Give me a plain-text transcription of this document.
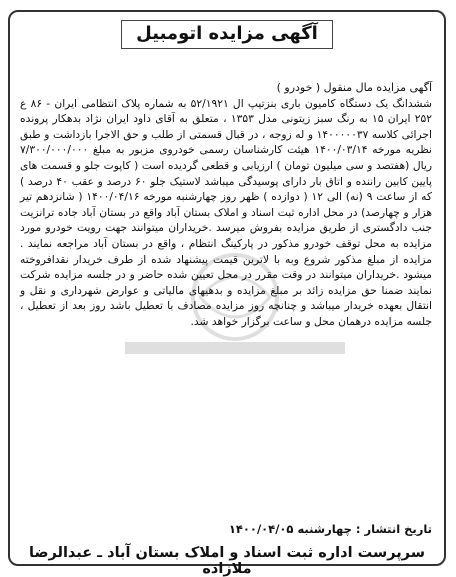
آگهی مزایده اتومبیل

آگهی مزایده مال منقول ( خودرو )

ششدانگ یک دستگاه کامیون باری بنزتیپ ال ۵۲/۱۹۲۱ به شماره پلاک انتظامی ایران - ۸۶ ع ۲۵۲ ایران ۱۵ به رنگ سبز زیتونی مدل ۱۳۵۳ ، متعلق به آقای داود ایران نژاد بدهکار پرونده اجرائی کلاسه ۱۴۰۰۰۰۰۳۷ و له زوجه ، در قبال قسمتی از طلب و حق الاجرا بازداشت و طبق نظریه مورخه ۱۴۰۰/۰۳/۱۴ هیئت کارشناسان رسمی خودروی مزبور به مبلغ ۷/۳۰۰/۰۰۰/۰۰۰ ریال (هفتصد و سی میلیون تومان ) ارزیابی و قطعی گردیده است ( کاپوت جلو و قسمت های پایین کابین راننده و اتاق بار دارای پوسیدگی میباشد لاستیک جلو ۶۰ درصد و عقب ۴۰ درصد ) که از ساعت ۹ (نه) الی ۱۲ ( دوازده ) ظهر روز چهارشنبه مورخه ۱۴۰۰/۰۴/۱۶ ( شانزدهم تیر هزار و چهارصد) در محل اداره ثبت اسناد و املاک بستان آباد واقع در بستان آباد جاده ترانزیت جنب دادگستری از طریق مزایده بفروش میرسد .خریداران میتوانند جهت رویت خودرو مورد مزایده به محل توقف خودرو مذکور در پارکینگ انتظام ، واقع در بستان آباد مراجعه نمایند . مزایده از مبلغ مذکور شروع وبه با لاترین قیمت پیشنهاد شده از طرف خریدار نقدافروخته میشود .خریداران میتوانند در وقت مقرر در محل تعیین شده حاضر و در جلسه مزایده شرکت نمایند ضمنا حق مزایده زائد بر مبلغ مزایده و بدهیهای مالیاتی و عوارض شهرداری و نقل و انتقال بعهده خریدار میباشد و چنانچه روز مزایده مصادف با تعطیل باشد روز بعد از تعطیل ، جلسه مزایده درهمان محل و ساعت برگزار خواهد شد.

تاریخ انتشار : چهارشنبه ۱۴۰۰/۰۴/۰۵
سرپرست اداره ثبت اسناد و املاک بستان آباد ـ عبدالرضا ملازاده
